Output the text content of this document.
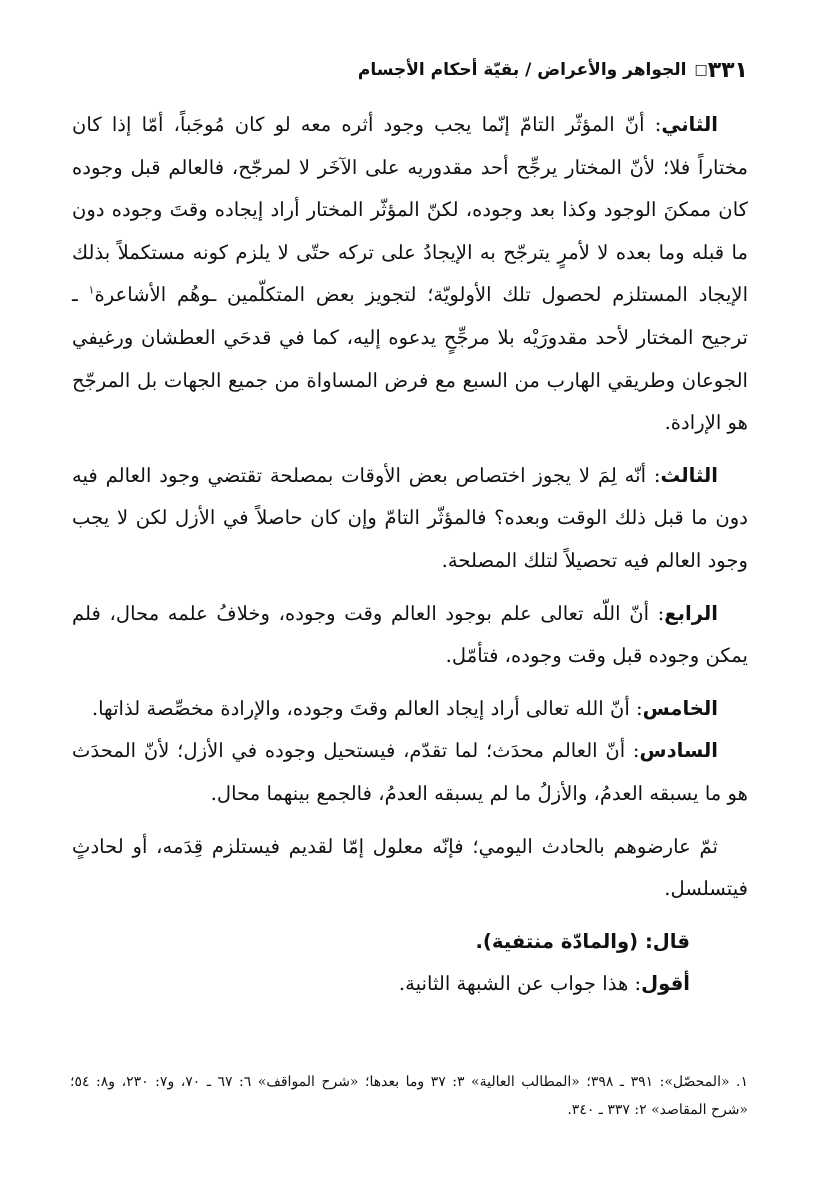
٣٣١
□
الجواهر والأعراض / بقيّة أحكام الأجسام

الثاني: أنّ المؤثّر التامّ إنّما يجب وجود أثره معه لو كان مُوجَباً، أمّا إذا كان مختاراً فلا؛ لأنّ المختار يرجِّح أحد مقدوريه على الآخَر لا لمرجّح، فالعالم قبل وجوده كان ممكنَ الوجود وكذا بعد وجوده، لكنّ المؤثّر المختار أراد إيجاده وقتَ وجوده دون ما قبله وما بعده لا لأمرٍ يترجّح به الإيجادُ على تركه حتّى لا يلزم كونه مستكملاً بذلك الإيجاد المستلزم لحصول تلك الأولويّة؛ لتجويز بعض المتكلّمين ـوهُم الأشاعرة$^١$ ـ ترجيح المختار لأحد مقدورَيْه بلا مرجِّحٍ يدعوه إليه، كما في قدحَي العطشان ورغيفي الجوعان وطريقي الهارب من السبع مع فرض المساواة من جميع الجهات بل المرجّح هو الإرادة.

الثالث: أنّه لِمَ لا يجوز اختصاص بعض الأوقات بمصلحة تقتضي وجود العالم فيه دون ما قبل ذلك الوقت وبعده؟ فالمؤثّر التامّ وإن كان حاصلاً في الأزل لكن لا يجب وجود العالم فيه تحصيلاً لتلك المصلحة.

الرابع: أنّ اللّه تعالى علم بوجود العالم وقت وجوده، وخلافُ علمه محال، فلم يمكن وجوده قبل وقت وجوده، فتأمّل.

الخامس: أنّ الله تعالى أراد إيجاد العالم وقتَ وجوده، والإرادة مخصِّصة لذاتها.

السادس: أنّ العالم محدَث؛ لما تقدّم، فيستحيل وجوده في الأزل؛ لأنّ المحدَث هو ما يسبقه العدمُ، والأزلُ ما لم يسبقه العدمُ، فالجمع بينهما محال.

ثمّ عارضوهم بالحادث اليومي؛ فإنّه معلول إمّا لقديم فيستلزم قِدَمه، أو لحادثٍ فيتسلسل.

قال: (والمادّة منتفية).

أقول: هذا جواب عن الشبهة الثانية.

١. «المحصّل»: ٣٩١ ـ ٣٩٨؛ «المطالب العالية» ٣: ٣٧ وما بعدها؛ «شرح المواقف» ٦: ٦٧ ـ ٧٠، و٧: ٢٣٠، و٨: ٥٤؛ «شرح المقاصد» ٢: ٣٣٧ ـ ٣٤٠.
